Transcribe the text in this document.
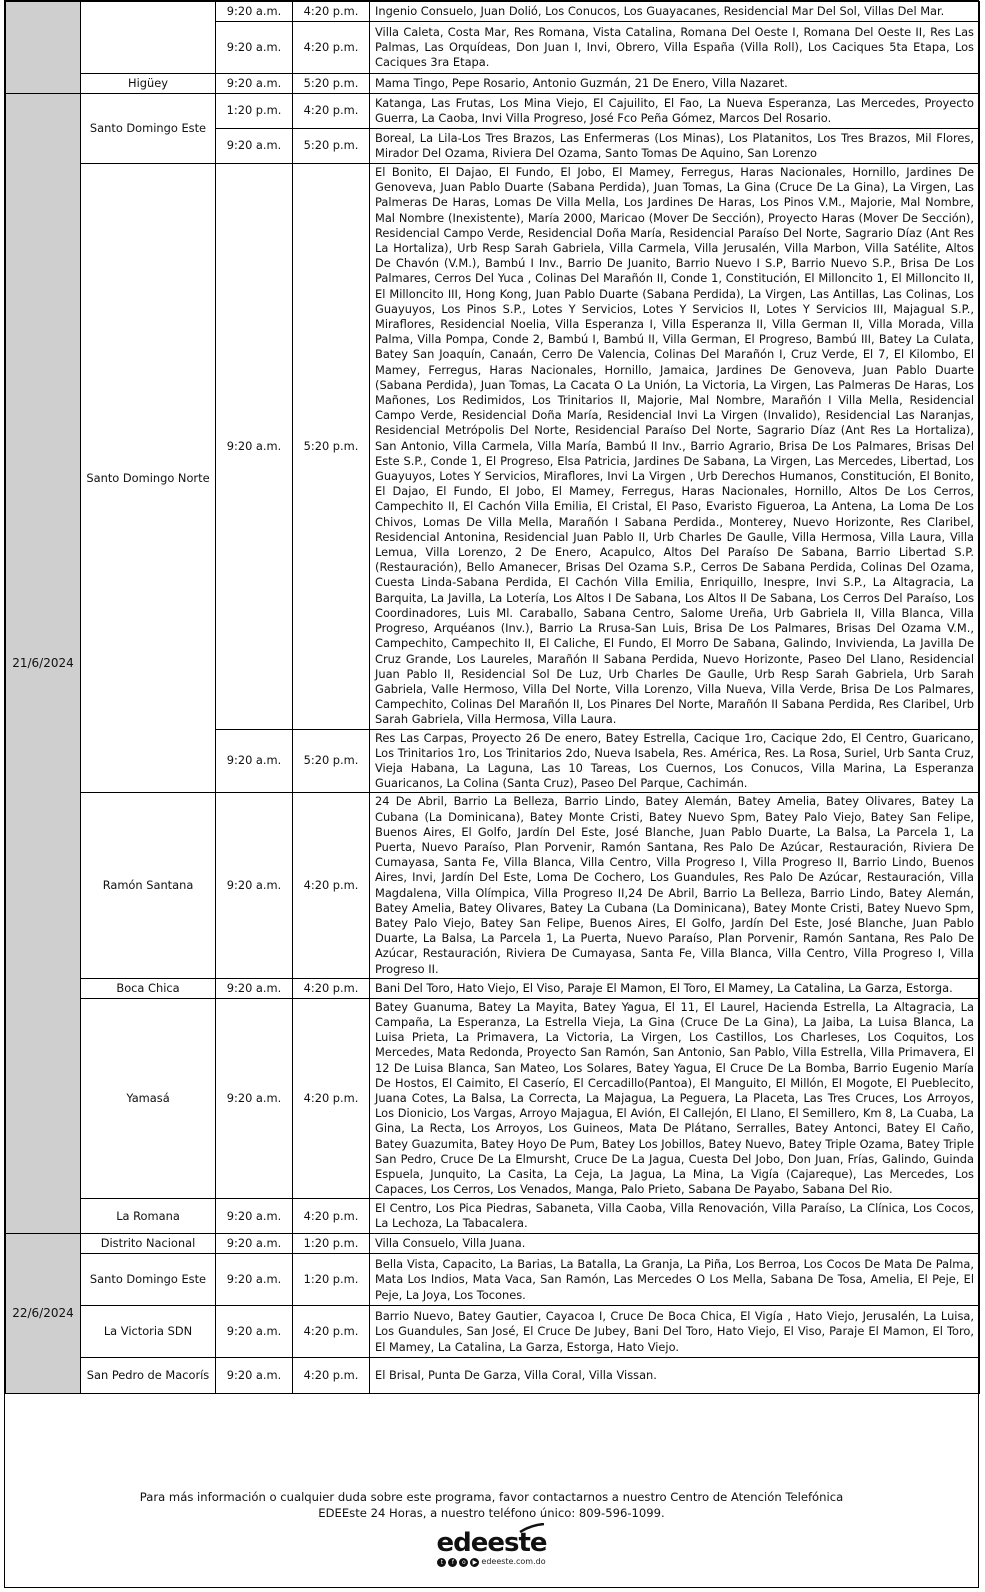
		9:20 a.m.	4:20 p.m.	Ingenio Consuelo, Juan Dolió, Los Conucos, Los Guayacanes, Residencial Mar Del Sol, Villas Del Mar.
		9:20 a.m.	4:20 p.m.	Villa Caleta, Costa Mar, Res Romana, Vista Catalina, Romana Del Oeste I, Romana Del Oeste II, Res Las Palmas, Las Orquídeas, Don Juan I, Invi, Obrero, Villa España (Villa Roll), Los Caciques 5ta Etapa, Los Caciques 3ra Etapa.
	Higüey	9:20 a.m.	5:20 p.m.	Mama Tingo, Pepe Rosario, Antonio Guzmán, 21 De Enero, Villa Nazaret.
21/6/2024	Santo Domingo Este	1:20 p.m.	4:20 p.m.	Katanga, Las Frutas, Los Mina Viejo, El Cajuilito, El Fao, La Nueva Esperanza, Las Mercedes, Proyecto Guerra, La Caoba, Invi Villa Progreso, José Fco Peña Gómez, Marcos Del Rosario.
		9:20 a.m.	5:20 p.m.	Boreal, La Lila-Los Tres Brazos, Las Enfermeras (Los Minas), Los Platanitos, Los Tres Brazos, Mil Flores, Mirador Del Ozama, Riviera Del Ozama, Santo Tomas De Aquino, San Lorenzo
	Santo Domingo Norte	9:20 a.m.	5:20 p.m.	El Bonito, El Dajao, El Fundo, El Jobo, El Mamey, Ferregus, Haras Nacionales, Hornillo, Jardines De Genoveva, Juan Pablo Duarte (Sabana Perdida), Juan Tomas, La Gina (Cruce De La Gina), La Virgen, Las Palmeras De Haras, Lomas De Villa Mella, Los Jardines De Haras, Los Pinos V.M., Majorie, Mal Nombre, Mal Nombre (Inexistente), María 2000, Maricao (Mover De Sección), Proyecto Haras (Mover De Sección), Residencial Campo Verde, Residencial Doña María, Residencial Paraíso Del Norte, Sagrario Díaz (Ant Res La Hortaliza), Urb Resp Sarah Gabriela, Villa Carmela, Villa Jerusalén, Villa Marbon, Villa Satélite, Altos De Chavón (V.M.), Bambú I Inv., Barrio De Juanito, Barrio Nuevo I S.P, Barrio Nuevo S.P., Brisa De Los Palmares, Cerros Del Yuca , Colinas Del Marañón II, Conde 1, Constitución, El Milloncito 1, El Milloncito II, El Milloncito III, Hong Kong, Juan Pablo Duarte (Sabana Perdida), La Virgen, Las Antillas, Las Colinas, Los Guayuyos, Los Pinos S.P., Lotes Y Servicios, Lotes Y Servicios II, Lotes Y Servicios III, Majagual S.P., Miraflores, Residencial Noelia, Villa Esperanza I, Villa Esperanza II, Villa German II, Villa Morada, Villa Palma, Villa Pompa, Conde 2, Bambú I, Bambú II, Villa German, El Progreso, Bambú III, Batey La Culata, Batey San Joaquín, Canaán, Cerro De Valencia, Colinas Del Marañón I, Cruz Verde, El 7, El Kilombo, El Mamey, Ferregus, Haras Nacionales, Hornillo, Jamaica, Jardines De Genoveva, Juan Pablo Duarte (Sabana Perdida), Juan Tomas, La Cacata O La Unión, La Victoria, La Virgen, Las Palmeras De Haras, Los Mañones, Los Redimidos, Los Trinitarios II, Majorie, Mal Nombre, Marañón I Villa Mella, Residencial Campo Verde, Residencial Doña María, Residencial Invi La Virgen (Invalido), Residencial Las Naranjas, Residencial Metrópolis Del Norte, Residencial Paraíso Del Norte, Sagrario Díaz (Ant Res La Hortaliza), San Antonio, Villa Carmela, Villa María, Bambú II Inv., Barrio Agrario, Brisa De Los Palmares, Brisas Del Este S.P., Conde 1, El Progreso, Elsa Patricia, Jardines De Sabana, La Virgen, Las Mercedes, Libertad, Los Guayuyos, Lotes Y Servicios, Miraflores, Invi La Virgen , Urb Derechos Humanos, Constitución, El Bonito, El Dajao, El Fundo, El Jobo, El Mamey, Ferregus, Haras Nacionales, Hornillo, Altos De Los Cerros, Campechito II, El Cachón Villa Emilia, El Cristal, El Paso, Evaristo Figueroa, La Antena, La Loma De Los Chivos, Lomas De Villa Mella, Marañón I Sabana Perdida., Monterey, Nuevo Horizonte, Res Claribel, Residencial Antonina, Residencial Juan Pablo II, Urb Charles De Gaulle, Villa Hermosa, Villa Laura, Villa Lemua, Villa Lorenzo, 2 De Enero, Acapulco, Altos Del Paraíso De Sabana, Barrio Libertad S.P. (Restauración), Bello Amanecer, Brisas Del Ozama S.P., Cerros De Sabana Perdida, Colinas Del Ozama, Cuesta Linda-Sabana Perdida, El Cachón Villa Emilia, Enriquillo, Inespre, Invi S.P., La Altagracia, La Barquita, La Javilla, La Lotería, Los Altos I De Sabana, Los Altos II De Sabana, Los Cerros Del Paraíso, Los Coordinadores, Luis Ml. Caraballo, Sabana Centro, Salome Ureña, Urb Gabriela II, Villa Blanca, Villa Progreso, Arquéanos (Inv.), Barrio La Rrusa-San Luis, Brisa De Los Palmares, Brisas Del Ozama V.M., Campechito, Campechito II, El Caliche, El Fundo, El Morro De Sabana, Galindo, Invivienda, La Javilla De Cruz Grande, Los Laureles, Marañón II Sabana Perdida, Nuevo Horizonte, Paseo Del Llano, Residencial Juan Pablo II, Residencial Sol De Luz, Urb Charles De Gaulle, Urb Resp Sarah Gabriela, Urb Sarah Gabriela, Valle Hermoso, Villa Del Norte, Villa Lorenzo, Villa Nueva, Villa Verde, Brisa De Los Palmares, Campechito, Colinas Del Marañón II, Los Pinares Del Norte, Marañón II Sabana Perdida, Res Claribel, Urb Sarah Gabriela, Villa Hermosa, Villa Laura.
		9:20 a.m.	5:20 p.m.	Res Las Carpas, Proyecto 26 De enero, Batey Estrella, Cacique 1ro, Cacique 2do, El Centro, Guaricano, Los Trinitarios 1ro, Los Trinitarios 2do, Nueva Isabela, Res. América, Res. La Rosa, Suriel, Urb Santa Cruz, Vieja Habana, La Laguna, Las 10 Tareas, Los Cuernos, Los Conucos, Villa Marina, La Esperanza Guaricanos, La Colina (Santa Cruz), Paseo Del Parque, Cachimán.
	Ramón Santana	9:20 a.m.	4:20 p.m.	24 De Abril, Barrio La Belleza, Barrio Lindo, Batey Alemán, Batey Amelia, Batey Olivares, Batey La Cubana (La Dominicana), Batey Monte Cristi, Batey Nuevo Spm, Batey Palo Viejo, Batey San Felipe, Buenos Aires, El Golfo, Jardín Del Este, José Blanche, Juan Pablo Duarte, La Balsa, La Parcela 1, La Puerta, Nuevo Paraíso, Plan Porvenir, Ramón Santana, Res Palo De Azúcar, Restauración, Riviera De Cumayasa, Santa Fe, Villa Blanca, Villa Centro, Villa Progreso I, Villa Progreso II, Barrio Lindo, Buenos Aires, Invi, Jardín Del Este, Loma De Cochero, Los Guandules, Res Palo De Azúcar, Restauración, Villa Magdalena, Villa Olímpica, Villa Progreso II,24 De Abril, Barrio La Belleza, Barrio Lindo, Batey Alemán, Batey Amelia, Batey Olivares, Batey La Cubana (La Dominicana), Batey Monte Cristi, Batey Nuevo Spm, Batey Palo Viejo, Batey San Felipe, Buenos Aires, El Golfo, Jardín Del Este, José Blanche, Juan Pablo Duarte, La Balsa, La Parcela 1, La Puerta, Nuevo Paraíso, Plan Porvenir, Ramón Santana, Res Palo De Azúcar, Restauración, Riviera De Cumayasa, Santa Fe, Villa Blanca, Villa Centro, Villa Progreso I, Villa Progreso II.
	Boca Chica	9:20 a.m.	4:20 p.m.	Bani Del Toro, Hato Viejo, El Viso, Paraje El Mamon, El Toro, El Mamey, La Catalina, La Garza, Estorga.
	Yamasá	9:20 a.m.	4:20 p.m.	Batey Guanuma, Batey La Mayita, Batey Yagua, El 11, El Laurel, Hacienda Estrella, La Altagracia, La Campaña, La Esperanza, La Estrella Vieja, La Gina (Cruce De La Gina), La Jaiba, La Luisa Blanca, La Luisa Prieta, La Primavera, La Victoria, La Virgen, Los Castillos, Los Charleses, Los Coquitos, Los Mercedes, Mata Redonda, Proyecto San Ramón, San Antonio, San Pablo, Villa Estrella, Villa Primavera, El 12 De Luisa Blanca, San Mateo, Los Solares, Batey Yagua, El Cruce De La Bomba, Barrio Eugenio María De Hostos, El Caimito, El Caserío, El Cercadillo(Pantoa), El Manguito, El Millón, El Mogote, El Pueblecito, Juana Cotes, La Balsa, La Correcta, La Majagua, La Peguera, La Placeta, Las Tres Cruces, Los Arroyos, Los Dionicio, Los Vargas, Arroyo Majagua, El Avión, El Callejón, El Llano, El Semillero, Km 8, La Cuaba, La Gina, La Recta, Los Arroyos, Los Guineos, Mata De Plátano, Serralles, Batey Antonci, Batey El Caño, Batey Guazumita, Batey Hoyo De Pum, Batey Los Jobillos, Batey Nuevo, Batey Triple Ozama, Batey Triple San Pedro, Cruce De La Elmursht, Cruce De La Jagua, Cuesta Del Jobo, Don Juan, Frías, Galindo, Guinda Espuela, Junquito, La Casita, La Ceja, La Jagua, La Mina, La Vigía (Cajareque), Las Mercedes, Los Capaces, Los Cerros, Los Venados, Manga, Palo Prieto, Sabana De Payabo, Sabana Del Rio.
	La Romana	9:20 a.m.	4:20 p.m.	El Centro, Los Pica Piedras, Sabaneta, Villa Caoba, Villa Renovación, Villa Paraíso, La Clínica, Los Cocos, La Lechoza, La Tabacalera.
22/6/2024	Distrito Nacional	9:20 a.m.	1:20 p.m.	Villa Consuelo, Villa Juana.
	Santo Domingo Este	9:20 a.m.	1:20 p.m.	Bella Vista, Capacito, La Barias, La Batalla, La Granja, La Piña, Los Berroa, Los Cocos De Mata De Palma, Mata Los Indios, Mata Vaca, San Ramón, Las Mercedes O Los Mella, Sabana De Tosa, Amelia, El Peje, El Peje, La Joya, Los Tocones.
	La Victoria SDN	9:20 a.m.	4:20 p.m.	Barrio Nuevo, Batey Gautier, Cayacoa I, Cruce De Boca Chica, El Vigía , Hato Viejo, Jerusalén, La Luisa, Los Guandules, San José, El Cruce De Jubey, Bani Del Toro, Hato Viejo, El Viso, Paraje El Mamon, El Toro, El Mamey, La Catalina, La Garza, Estorga, Hato Viejo.
	San Pedro de Macorís	9:20 a.m.	4:20 p.m.	El Brisal, Punta De Garza, Villa Coral, Villa Vissan.
Para más información o cualquier duda sobre este programa, favor contactarnos a nuestro Centro de Atención Telefónica
EDEEste 24 Horas, a nuestro teléfono único: 809-596-1099.
edeeste
t	f	o	▶ edeeste.com.do
